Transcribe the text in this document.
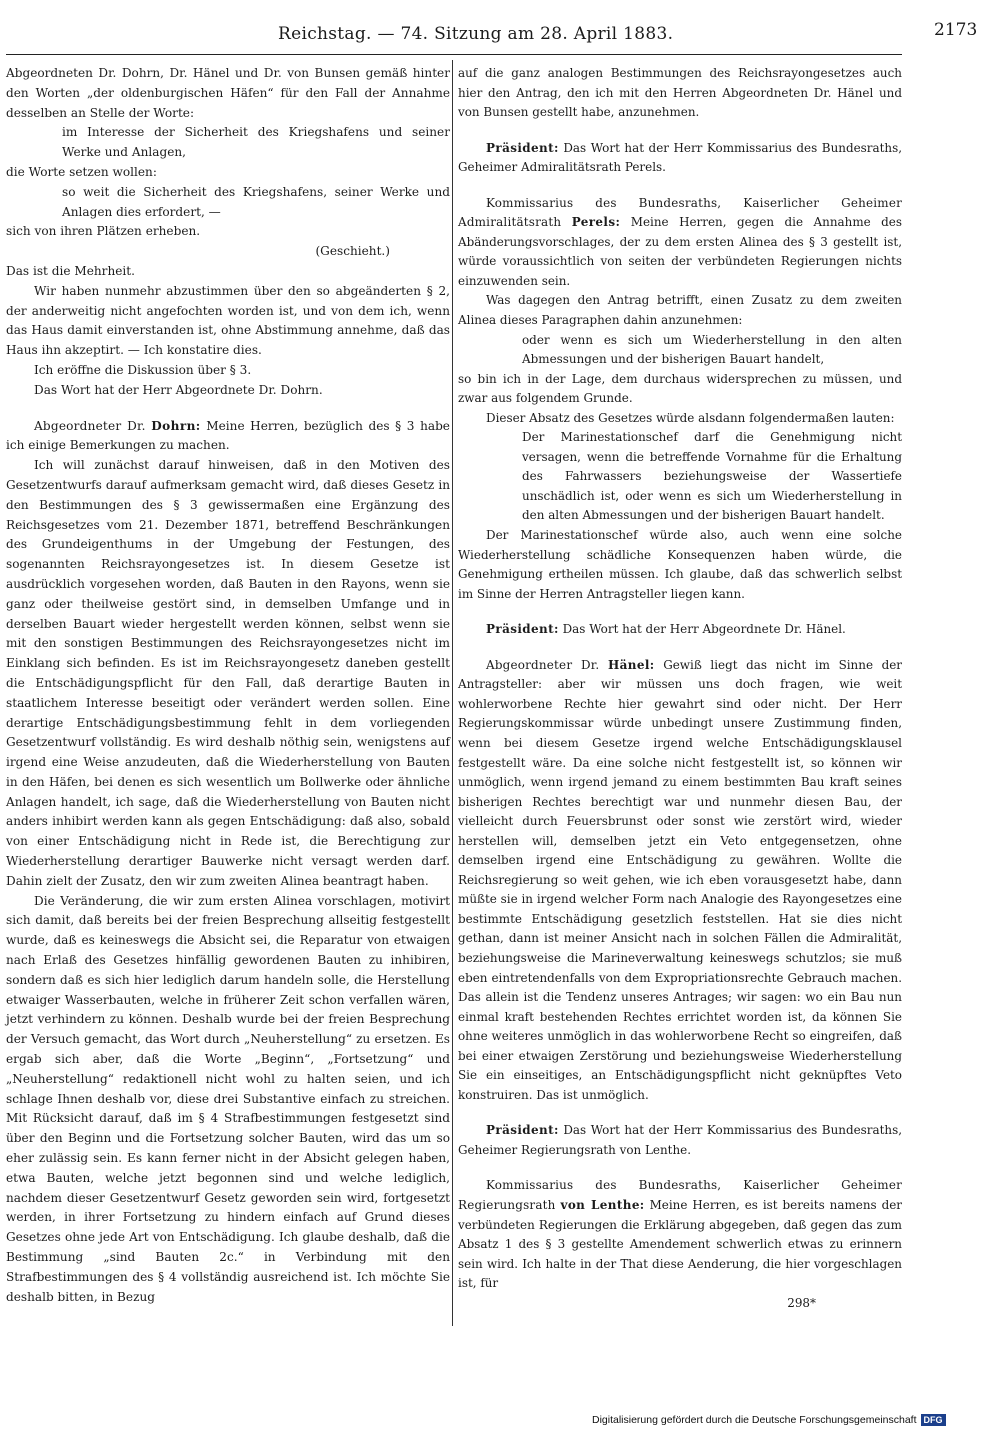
Reichstag. — 74. Sitzung am 28. April 1883.	2173

Abgeordneten Dr. Dohrn, Dr. Hänel und Dr. von Bunsen gemäß hinter den Worten „der oldenburgischen Häfen“ für den Fall der Annahme desselben an Stelle der Worte:

im Interesse der Sicherheit des Kriegshafens und seiner Werke und Anlagen,

die Worte setzen wollen:

so weit die Sicherheit des Kriegshafens, seiner Werke und Anlagen dies erfordert, —

sich von ihren Plätzen erheben.

(Geschieht.)

Das ist die Mehrheit.

Wir haben nunmehr abzustimmen über den so abgeänderten § 2, der anderweitig nicht angefochten worden ist, und von dem ich, wenn das Haus damit einverstanden ist, ohne Abstimmung annehme, daß das Haus ihn akzeptirt. — Ich konstatire dies.

Ich eröffne die Diskussion über § 3.

Das Wort hat der Herr Abgeordnete Dr. Dohrn.

Abgeordneter Dr. Dohrn: Meine Herren, bezüglich des § 3 habe ich einige Bemerkungen zu machen.

Ich will zunächst darauf hinweisen, daß in den Motiven des Gesetzentwurfs darauf aufmerksam gemacht wird, daß dieses Gesetz in den Bestimmungen des § 3 gewissermaßen eine Ergänzung des Reichsgesetzes vom 21. Dezember 1871, betreffend Beschränkungen des Grundeigenthums in der Umgebung der Festungen, des sogenannten Reichsrayongesetzes ist. In diesem Gesetze ist ausdrücklich vorgesehen worden, daß Bauten in den Rayons, wenn sie ganz oder theilweise gestört sind, in demselben Umfange und in derselben Bauart wieder hergestellt werden können, selbst wenn sie mit den sonstigen Bestimmungen des Reichsrayongesetzes nicht im Einklang sich befinden. Es ist im Reichsrayongesetz daneben gestellt die Entschädigungspflicht für den Fall, daß derartige Bauten in staatlichem Interesse beseitigt oder verändert werden sollen. Eine derartige Entschädigungsbestimmung fehlt in dem vorliegenden Gesetzentwurf vollständig. Es wird deshalb nöthig sein, wenigstens auf irgend eine Weise anzudeuten, daß die Wiederherstellung von Bauten in den Häfen, bei denen es sich wesentlich um Bollwerke oder ähnliche Anlagen handelt, ich sage, daß die Wiederherstellung von Bauten nicht anders inhibirt werden kann als gegen Entschädigung: daß also, sobald von einer Entschädigung nicht in Rede ist, die Berechtigung zur Wiederherstellung derartiger Bauwerke nicht versagt werden darf. Dahin zielt der Zusatz, den wir zum zweiten Alinea beantragt haben.

Die Veränderung, die wir zum ersten Alinea vorschlagen, motivirt sich damit, daß bereits bei der freien Besprechung allseitig festgestellt wurde, daß es keineswegs die Absicht sei, die Reparatur von etwaigen nach Erlaß des Gesetzes hinfällig gewordenen Bauten zu inhibiren, sondern daß es sich hier lediglich darum handeln solle, die Herstellung etwaiger Wasserbauten, welche in früherer Zeit schon verfallen wären, jetzt verhindern zu können. Deshalb wurde bei der freien Besprechung der Versuch gemacht, das Wort durch „Neuherstellung“ zu ersetzen. Es ergab sich aber, daß die Worte „Beginn“, „Fortsetzung“ und „Neuherstellung“ redaktionell nicht wohl zu halten seien, und ich schlage Ihnen deshalb vor, diese drei Substantive einfach zu streichen. Mit Rücksicht darauf, daß im § 4 Strafbestimmungen festgesetzt sind über den Beginn und die Fortsetzung solcher Bauten, wird das um so eher zulässig sein. Es kann ferner nicht in der Absicht gelegen haben, etwa Bauten, welche jetzt begonnen sind und welche lediglich, nachdem dieser Gesetzentwurf Gesetz geworden sein wird, fortgesetzt werden, in ihrer Fortsetzung zu hindern einfach auf Grund dieses Gesetzes ohne jede Art von Entschädigung. Ich glaube deshalb, daß die Bestimmung „sind Bauten 2c.“ in Verbindung mit den Strafbestimmungen des § 4 vollständig ausreichend ist. Ich möchte Sie deshalb bitten, in Bezug

auf die ganz analogen Bestimmungen des Reichsrayongesetzes auch hier den Antrag, den ich mit den Herren Abgeordneten Dr. Hänel und von Bunsen gestellt habe, anzunehmen.

Präsident: Das Wort hat der Herr Kommissarius des Bundesraths, Geheimer Admiralitätsrath Perels.

Kommissarius des Bundesraths, Kaiserlicher Geheimer Admiralitätsrath Perels: Meine Herren, gegen die Annahme des Abänderungsvorschlages, der zu dem ersten Alinea des § 3 gestellt ist, würde voraussichtlich von seiten der verbündeten Regierungen nichts einzuwenden sein.

Was dagegen den Antrag betrifft, einen Zusatz zu dem zweiten Alinea dieses Paragraphen dahin anzunehmen:

oder wenn es sich um Wiederherstellung in den alten Abmessungen und der bisherigen Bauart handelt,

so bin ich in der Lage, dem durchaus widersprechen zu müssen, und zwar aus folgendem Grunde.

Dieser Absatz des Gesetzes würde alsdann folgendermaßen lauten:

Der Marinestationschef darf die Genehmigung nicht versagen, wenn die betreffende Vornahme für die Erhaltung des Fahrwassers beziehungsweise der Wassertiefe unschädlich ist, oder wenn es sich um Wiederherstellung in den alten Abmessungen und der bisherigen Bauart handelt.

Der Marinestationschef würde also, auch wenn eine solche Wiederherstellung schädliche Konsequenzen haben würde, die Genehmigung ertheilen müssen. Ich glaube, daß das schwerlich selbst im Sinne der Herren Antragsteller liegen kann.

Präsident: Das Wort hat der Herr Abgeordnete Dr. Hänel.

Abgeordneter Dr. Hänel: Gewiß liegt das nicht im Sinne der Antragsteller: aber wir müssen uns doch fragen, wie weit wohlerworbene Rechte hier gewahrt sind oder nicht. Der Herr Regierungskommissar würde unbedingt unsere Zustimmung finden, wenn bei diesem Gesetze irgend welche Entschädigungsklausel festgestellt wäre. Da eine solche nicht festgestellt ist, so können wir unmöglich, wenn irgend jemand zu einem bestimmten Bau kraft seines bisherigen Rechtes berechtigt war und nunmehr diesen Bau, der vielleicht durch Feuersbrunst oder sonst wie zerstört wird, wieder herstellen will, demselben jetzt ein Veto entgegensetzen, ohne demselben irgend eine Entschädigung zu gewähren. Wollte die Reichsregierung so weit gehen, wie ich eben vorausgesetzt habe, dann müßte sie in irgend welcher Form nach Analogie des Rayongesetzes eine bestimmte Entschädigung gesetzlich feststellen. Hat sie dies nicht gethan, dann ist meiner Ansicht nach in solchen Fällen die Admiralität, beziehungsweise die Marineverwaltung keineswegs schutzlos; sie muß eben eintretendenfalls von dem Expropriationsrechte Gebrauch machen. Das allein ist die Tendenz unseres Antrages; wir sagen: wo ein Bau nun einmal kraft bestehenden Rechtes errichtet worden ist, da können Sie ohne weiteres unmöglich in das wohlerworbene Recht so eingreifen, daß bei einer etwaigen Zerstörung und beziehungsweise Wiederherstellung Sie ein einseitiges, an Entschädigungspflicht nicht geknüpftes Veto konstruiren. Das ist unmöglich.

Präsident: Das Wort hat der Herr Kommissarius des Bundesraths, Geheimer Regierungsrath von Lenthe.

Kommissarius des Bundesraths, Kaiserlicher Geheimer Regierungsrath von Lenthe: Meine Herren, es ist bereits namens der verbündeten Regierungen die Erklärung abgegeben, daß gegen das zum Absatz 1 des § 3 gestellte Amendement schwerlich etwas zu erinnern sein wird. Ich halte in der That diese Aenderung, die hier vorgeschlagen ist, für

298*

Digitalisierung gefördert durch die Deutsche Forschungsgemeinschaft DFG
